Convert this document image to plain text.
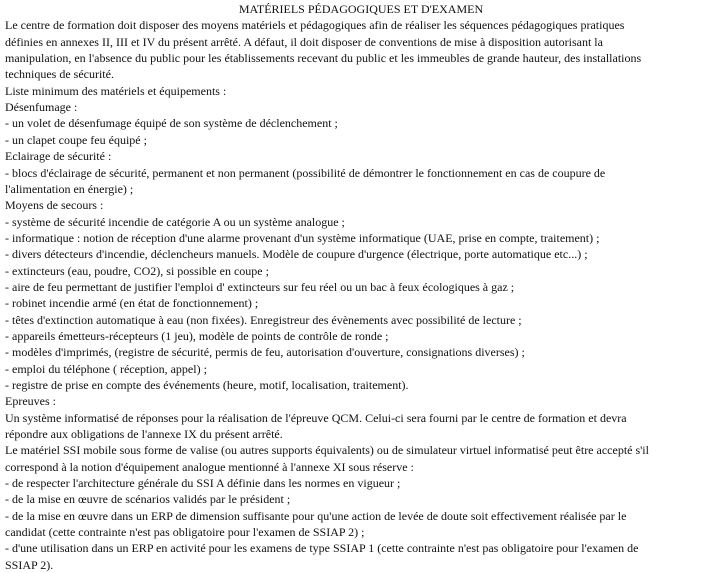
MATÉRIELS PÉDAGOGIQUES ET D'EXAMEN

Le centre de formation doit disposer des moyens matériels et pédagogiques afin de réaliser les séquences pédagogiques pratiques

définies en annexes II, III et IV du présent arrêté. A défaut, il doit disposer de conventions de mise à disposition autorisant la

manipulation, en l'absence du public pour les établissements recevant du public et les immeubles de grande hauteur, des installations

techniques de sécurité.

Liste minimum des matériels et équipements :

Désenfumage :

- un volet de désenfumage équipé de son système de déclenchement ;

- un clapet coupe feu équipé ;

Eclairage de sécurité :

- blocs d'éclairage de sécurité, permanent et non permanent (possibilité de démontrer le fonctionnement en cas de coupure de

l'alimentation en énergie) ;

Moyens de secours :

- système de sécurité incendie de catégorie A ou un système analogue ;

- informatique : notion de réception d'une alarme provenant d'un système informatique (UAE, prise en compte, traitement) ;

- divers détecteurs d'incendie, déclencheurs manuels. Modèle de coupure d'urgence (électrique, porte automatique etc...) ;

- extincteurs (eau, poudre, CO2), si possible en coupe ;

- aire de feu permettant de justifier l'emploi d' extincteurs sur feu réel ou un bac à feux écologiques à gaz ;

- robinet incendie armé (en état de fonctionnement) ;

- têtes d'extinction automatique à eau (non fixées). Enregistreur des évènements avec possibilité de lecture ;

- appareils émetteurs-récepteurs (1 jeu), modèle de points de contrôle de ronde ;

- modèles d'imprimés, (registre de sécurité, permis de feu, autorisation d'ouverture, consignations diverses) ;

- emploi du téléphone ( réception, appel) ;

- registre de prise en compte des événements (heure, motif, localisation, traitement).

Epreuves :

Un système informatisé de réponses pour la réalisation de l'épreuve QCM. Celui-ci sera fourni par le centre de formation et devra

répondre aux obligations de l'annexe IX du présent arrêté.

Le matériel SSI mobile sous forme de valise (ou autres supports équivalents) ou de simulateur virtuel informatisé peut être accepté s'il

correspond à la notion d'équipement analogue mentionné à l'annexe XI sous réserve :

- de respecter l'architecture générale du SSI A définie dans les normes en vigueur ;

- de la mise en œuvre de scénarios validés par le président ;

- de la mise en œuvre dans un ERP de dimension suffisante pour qu'une action de levée de doute soit effectivement réalisée par le

candidat (cette contrainte n'est pas obligatoire pour l'examen de SSIAP 2) ;

- d'une utilisation dans un ERP en activité pour les examens de type SSIAP 1 (cette contrainte n'est pas obligatoire pour l'examen de

SSIAP 2).
